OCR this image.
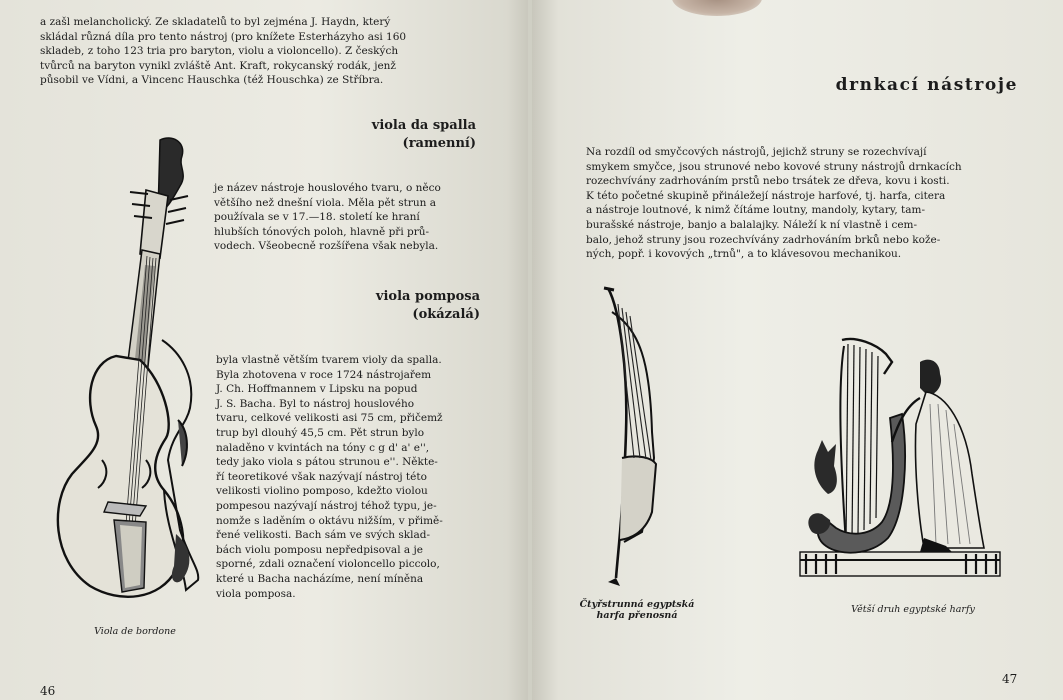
a zašl melancholický. Ze skladatelů to byl zejména J. Haydn, který
skládal různá díla pro tento nástroj (pro knížete Esterházyho asi 160
skladeb, z toho 123 tria pro baryton, violu a violoncello). Z českých
tvůrců na baryton vynikl zvláště Ant. Kraft, rokycanský rodák, jenž
působil ve Vídni, a Vincenc Hauschka (též Houschka) ze Stříbra.
viola da spalla
(ramenní)
je název nástroje houslového tvaru, o něco
většího než dnešní viola. Měla pět strun a
používala se v 17.—18. století ke hraní
hlubších tónových poloh, hlavně při prů-
vodech. Všeobecně rozšířena však nebyla.
viola pomposa
(okázalá)
byla vlastně větším tvarem violy da spalla.
Byla zhotovena v roce 1724 nástrojařem
J. Ch. Hoffmannem v Lipsku na popud
J. S. Bacha. Byl to nástroj houslového
tvaru, celkové velikosti asi 75 cm, přičemž
trup byl dlouhý 45,5 cm. Pět strun bylo
naladěno v kvintách na tóny c g d' a' e'',
tedy jako viola s pátou strunou e''. Někte-
ří teoretikové však nazývají nástroj této
velikosti violino pomposo, kdežto violou
pompesou nazývají nástroj téhož typu, je-
nomže s laděním o oktávu nižším, v přimě-
řené velikosti. Bach sám ve svých sklad-
bách violu pomposu nepředpisoval a je
sporné, zdali označení violoncello piccolo,
které u Bacha nacházíme, není míněna
viola pomposa.
Viola de bordone
46
drnkací nástroje
Na rozdíl od smyčcových nástrojů, jejichž struny se rozechvívají
smykem smyčce, jsou strunové nebo kovové struny nástrojů drnkacích
rozechvívány zadrhováním prstů nebo trsátek ze dřeva, kovu i kosti.
K této početné skupině přináležejí nástroje harfové, tj. harfa, citera
a nástroje loutnové, k nimž čítáme loutny, mandoly, kytary, tam-
burašské nástroje, banjo a balalajky. Náleží k ní vlastně i cem-
balo, jehož struny jsou rozechvívány zadrhováním brků nebo kože-
ných, popř. i kovových „trnů", a to klávesovou mechanikou.
Čtyřstrunná egyptská
harfa přenosná
Větší druh egyptské harfy
47
